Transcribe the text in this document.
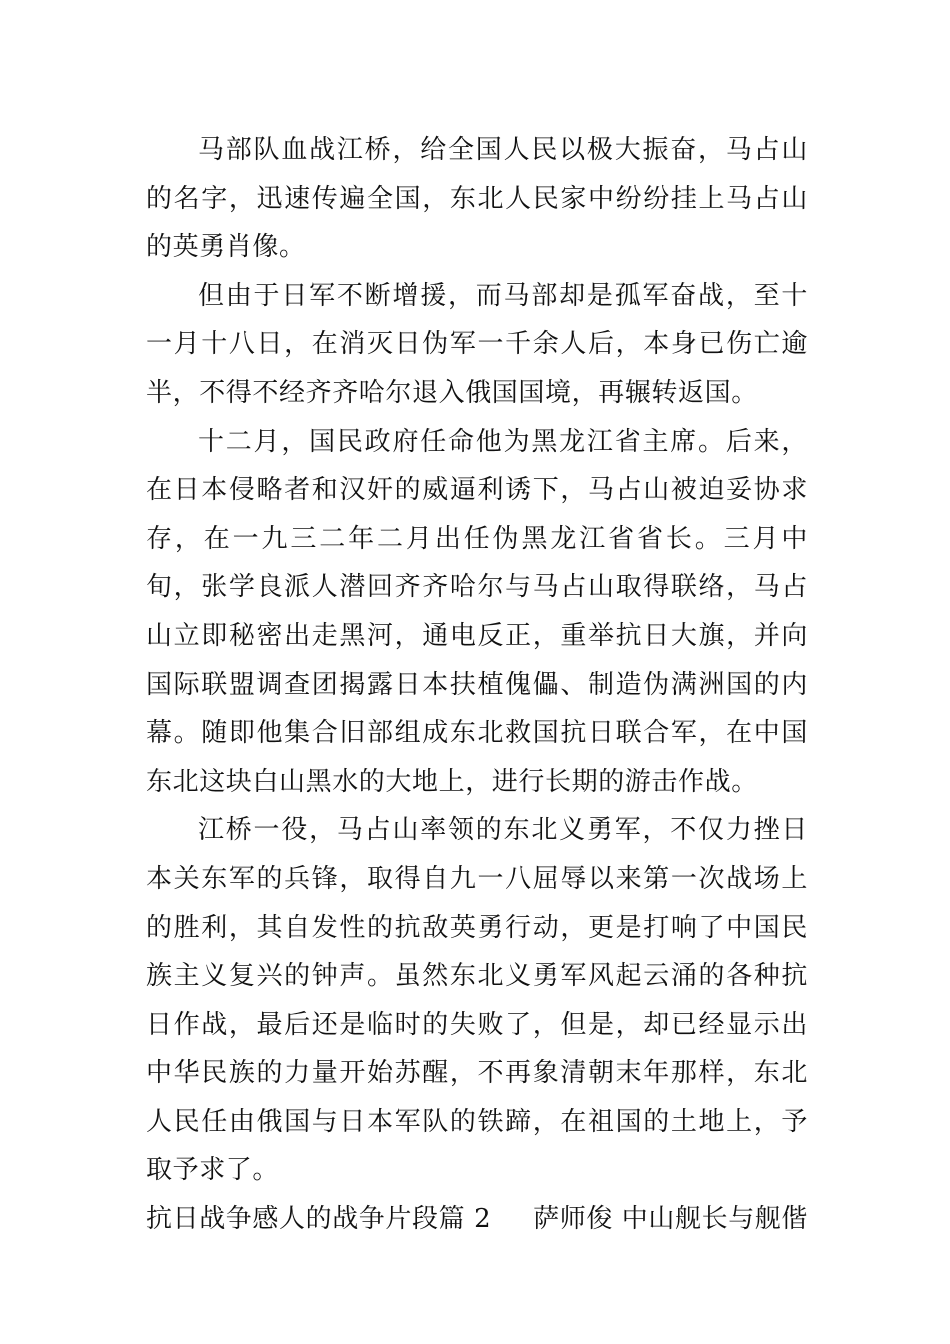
马部队血战江桥，给全国人民以极大振奋，马占山的名字，迅速传遍全国，东北人民家中纷纷挂上马占山的英勇肖像。

但由于日军不断增援，而马部却是孤军奋战，至十一月十八日，在消灭日伪军一千余人后，本身已伤亡逾半，不得不经齐齐哈尔退入俄国国境，再辗转返国。

十二月，国民政府任命他为黑龙江省主席。后来，在日本侵略者和汉奸的威逼利诱下，马占山被迫妥协求存，在一九三二年二月出任伪黑龙江省省长。三月中旬，张学良派人潜回齐齐哈尔与马占山取得联络，马占山立即秘密出走黑河，通电反正，重举抗日大旗，并向国际联盟调查团揭露日本扶植傀儡、制造伪满洲国的内幕。随即他集合旧部组成东北救国抗日联合军，在中国东北这块白山黑水的大地上，进行长期的游击作战。

江桥一役，马占山率领的东北义勇军，不仅力挫日本关东军的兵锋，取得自九一八屈辱以来第一次战场上的胜利，其自发性的抗敌英勇行动，更是打响了中国民族主义复兴的钟声。虽然东北义勇军风起云涌的各种抗日作战，最后还是临时的失败了，但是，却已经显示出中华民族的力量开始苏醒，不再象清朝末年那样，东北人民任由俄国与日本军队的铁蹄，在祖国的土地上，予取予求了。

抗日战争感人的战争片段篇 2 萨师俊 中山舰长与舰偕
